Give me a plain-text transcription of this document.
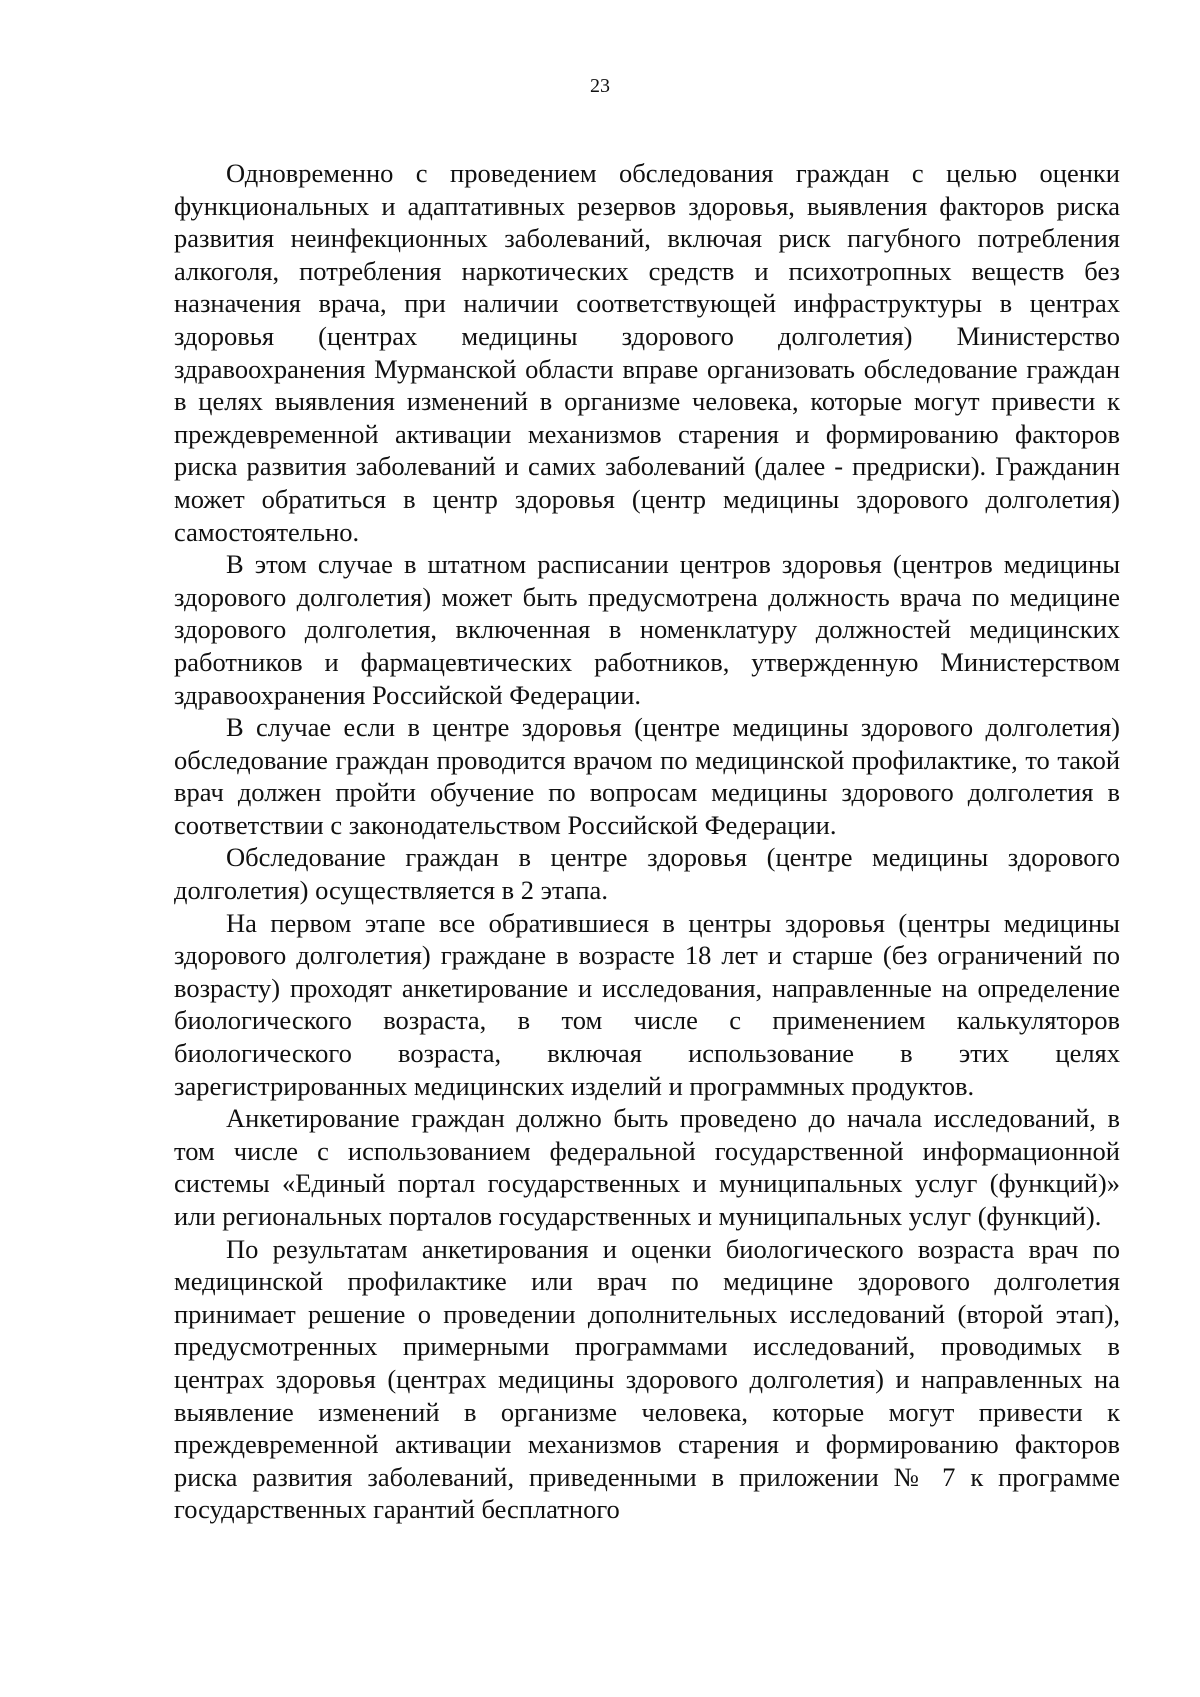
23

Одновременно с проведением обследования граждан с целью оценки функциональных и адаптативных резервов здоровья, выявления факторов риска развития неинфекционных заболеваний, включая риск пагубного потребления алкоголя, потребления наркотических средств и психотропных веществ без назначения врача, при наличии соответствующей инфраструктуры в центрах здоровья (центрах медицины здорового долголетия) Министерство здравоохранения Мурманской области вправе организовать обследование граждан в целях выявления изменений в организме человека, которые могут привести к преждевременной активации механизмов старения и формированию факторов риска развития заболеваний и самих заболеваний (далее - предриски). Гражданин может обратиться в центр здоровья (центр медицины здорового долголетия) самостоятельно.

В этом случае в штатном расписании центров здоровья (центров медицины здорового долголетия) может быть предусмотрена должность врача по медицине здорового долголетия, включенная в номенклатуру должностей медицинских работников и фармацевтических работников, утвержденную Министерством здравоохранения Российской Федерации.

В случае если в центре здоровья (центре медицины здорового долголетия) обследование граждан проводится врачом по медицинской профилактике, то такой врач должен пройти обучение по вопросам медицины здорового долголетия в соответствии с законодательством Российской Федерации.

Обследование граждан в центре здоровья (центре медицины здорового долголетия) осуществляется в 2 этапа.

На первом этапе все обратившиеся в центры здоровья (центры медицины здорового долголетия) граждане в возрасте 18 лет и старше (без ограничений по возрасту) проходят анкетирование и исследования, направленные на определение биологического возраста, в том числе с применением калькуляторов биологического возраста, включая использование в этих целях зарегистрированных медицинских изделий и программных продуктов.

Анкетирование граждан должно быть проведено до начала исследований, в том числе с использованием федеральной государственной информационной системы «Единый портал государственных и муниципальных услуг (функций)» или региональных порталов государственных и муниципальных услуг (функций).

По результатам анкетирования и оценки биологического возраста врач по медицинской профилактике или врач по медицине здорового долголетия принимает решение о проведении дополнительных исследований (второй этап), предусмотренных примерными программами исследований, проводимых в центрах здоровья (центрах медицины здорового долголетия) и направленных на выявление изменений в организме человека, которые могут привести к преждевременной активации механизмов старения и формированию факторов риска развития заболеваний, приведенными в приложении № 7 к программе государственных гарантий бесплатного
